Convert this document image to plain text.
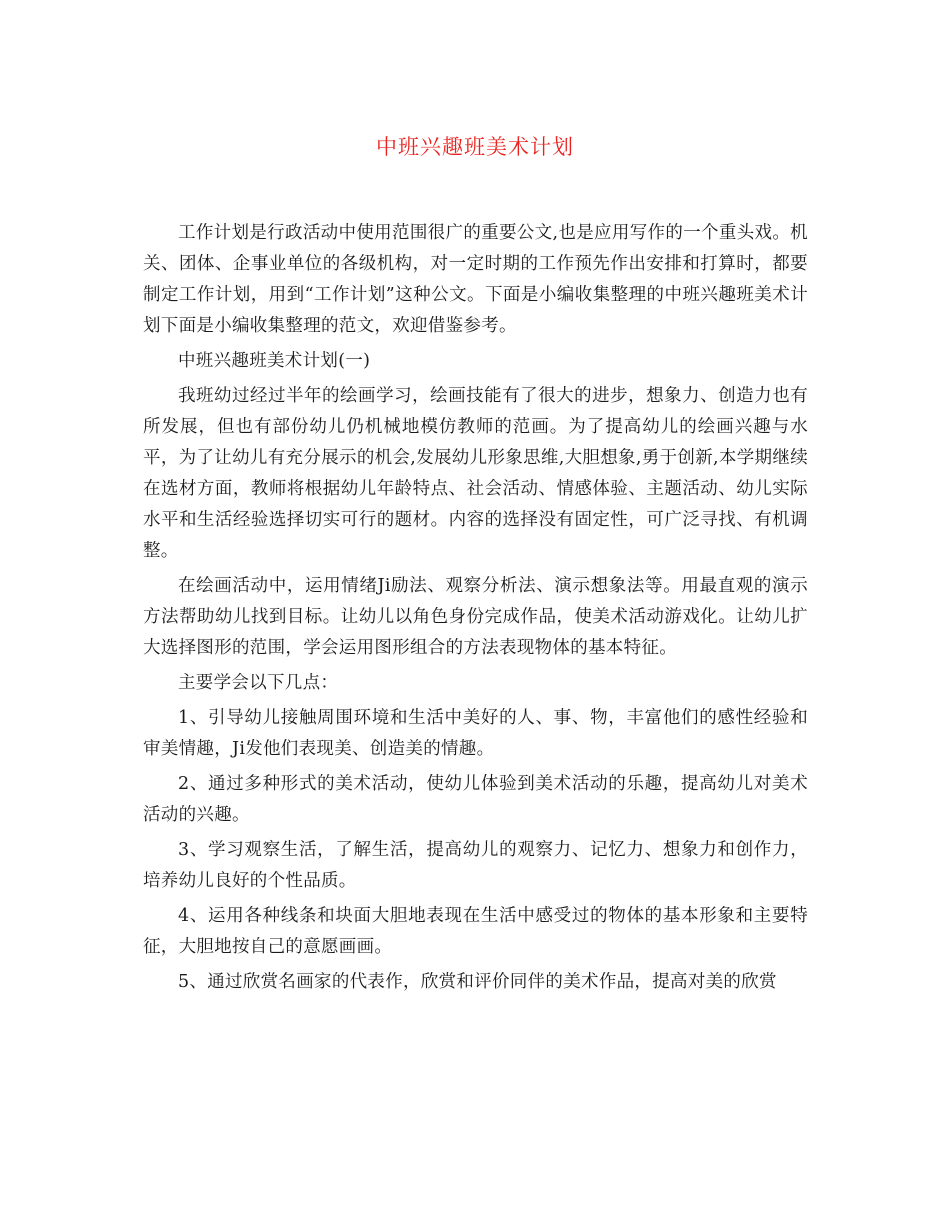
中班兴趣班美术计划

工作计划是行政活动中使用范围很广的重要公文,也是应用写作的一个重头戏。机关、团体、企事业单位的各级机构，对一定时期的工作预先作出安排和打算时，都要制定工作计划，用到“工作计划”这种公文。下面是小编收集整理的中班兴趣班美术计划下面是小编收集整理的范文，欢迎借鉴参考。

中班兴趣班美术计划(一)

我班幼过经过半年的绘画学习，绘画技能有了很大的进步，想象力、创造力也有所发展，但也有部份幼儿仍机械地模仿教师的范画。为了提高幼儿的绘画兴趣与水平，为了让幼儿有充分展示的机会,发展幼儿形象思维,大胆想象,勇于创新,本学期继续在选材方面，教师将根据幼儿年龄特点、社会活动、情感体验、主题活动、幼儿实际水平和生活经验选择切实可行的题材。内容的选择没有固定性，可广泛寻找、有机调整。

在绘画活动中，运用情绪Ji励法、观察分析法、演示想象法等。用最直观的演示方法帮助幼儿找到目标。让幼儿以角色身份完成作品，使美术活动游戏化。让幼儿扩大选择图形的范围，学会运用图形组合的方法表现物体的基本特征。

主要学会以下几点：

1、引导幼儿接触周围环境和生活中美好的人、事、物，丰富他们的感性经验和审美情趣，Ji发他们表现美、创造美的情趣。

2、通过多种形式的美术活动，使幼儿体验到美术活动的乐趣，提高幼儿对美术活动的兴趣。

3、学习观察生活，了解生活，提高幼儿的观察力、记忆力、想象力和创作力，培养幼儿良好的个性品质。

4、运用各种线条和块面大胆地表现在生活中感受过的物体的基本形象和主要特征，大胆地按自己的意愿画画。

5、通过欣赏名画家的代表作，欣赏和评价同伴的美术作品，提高对美的欣赏
